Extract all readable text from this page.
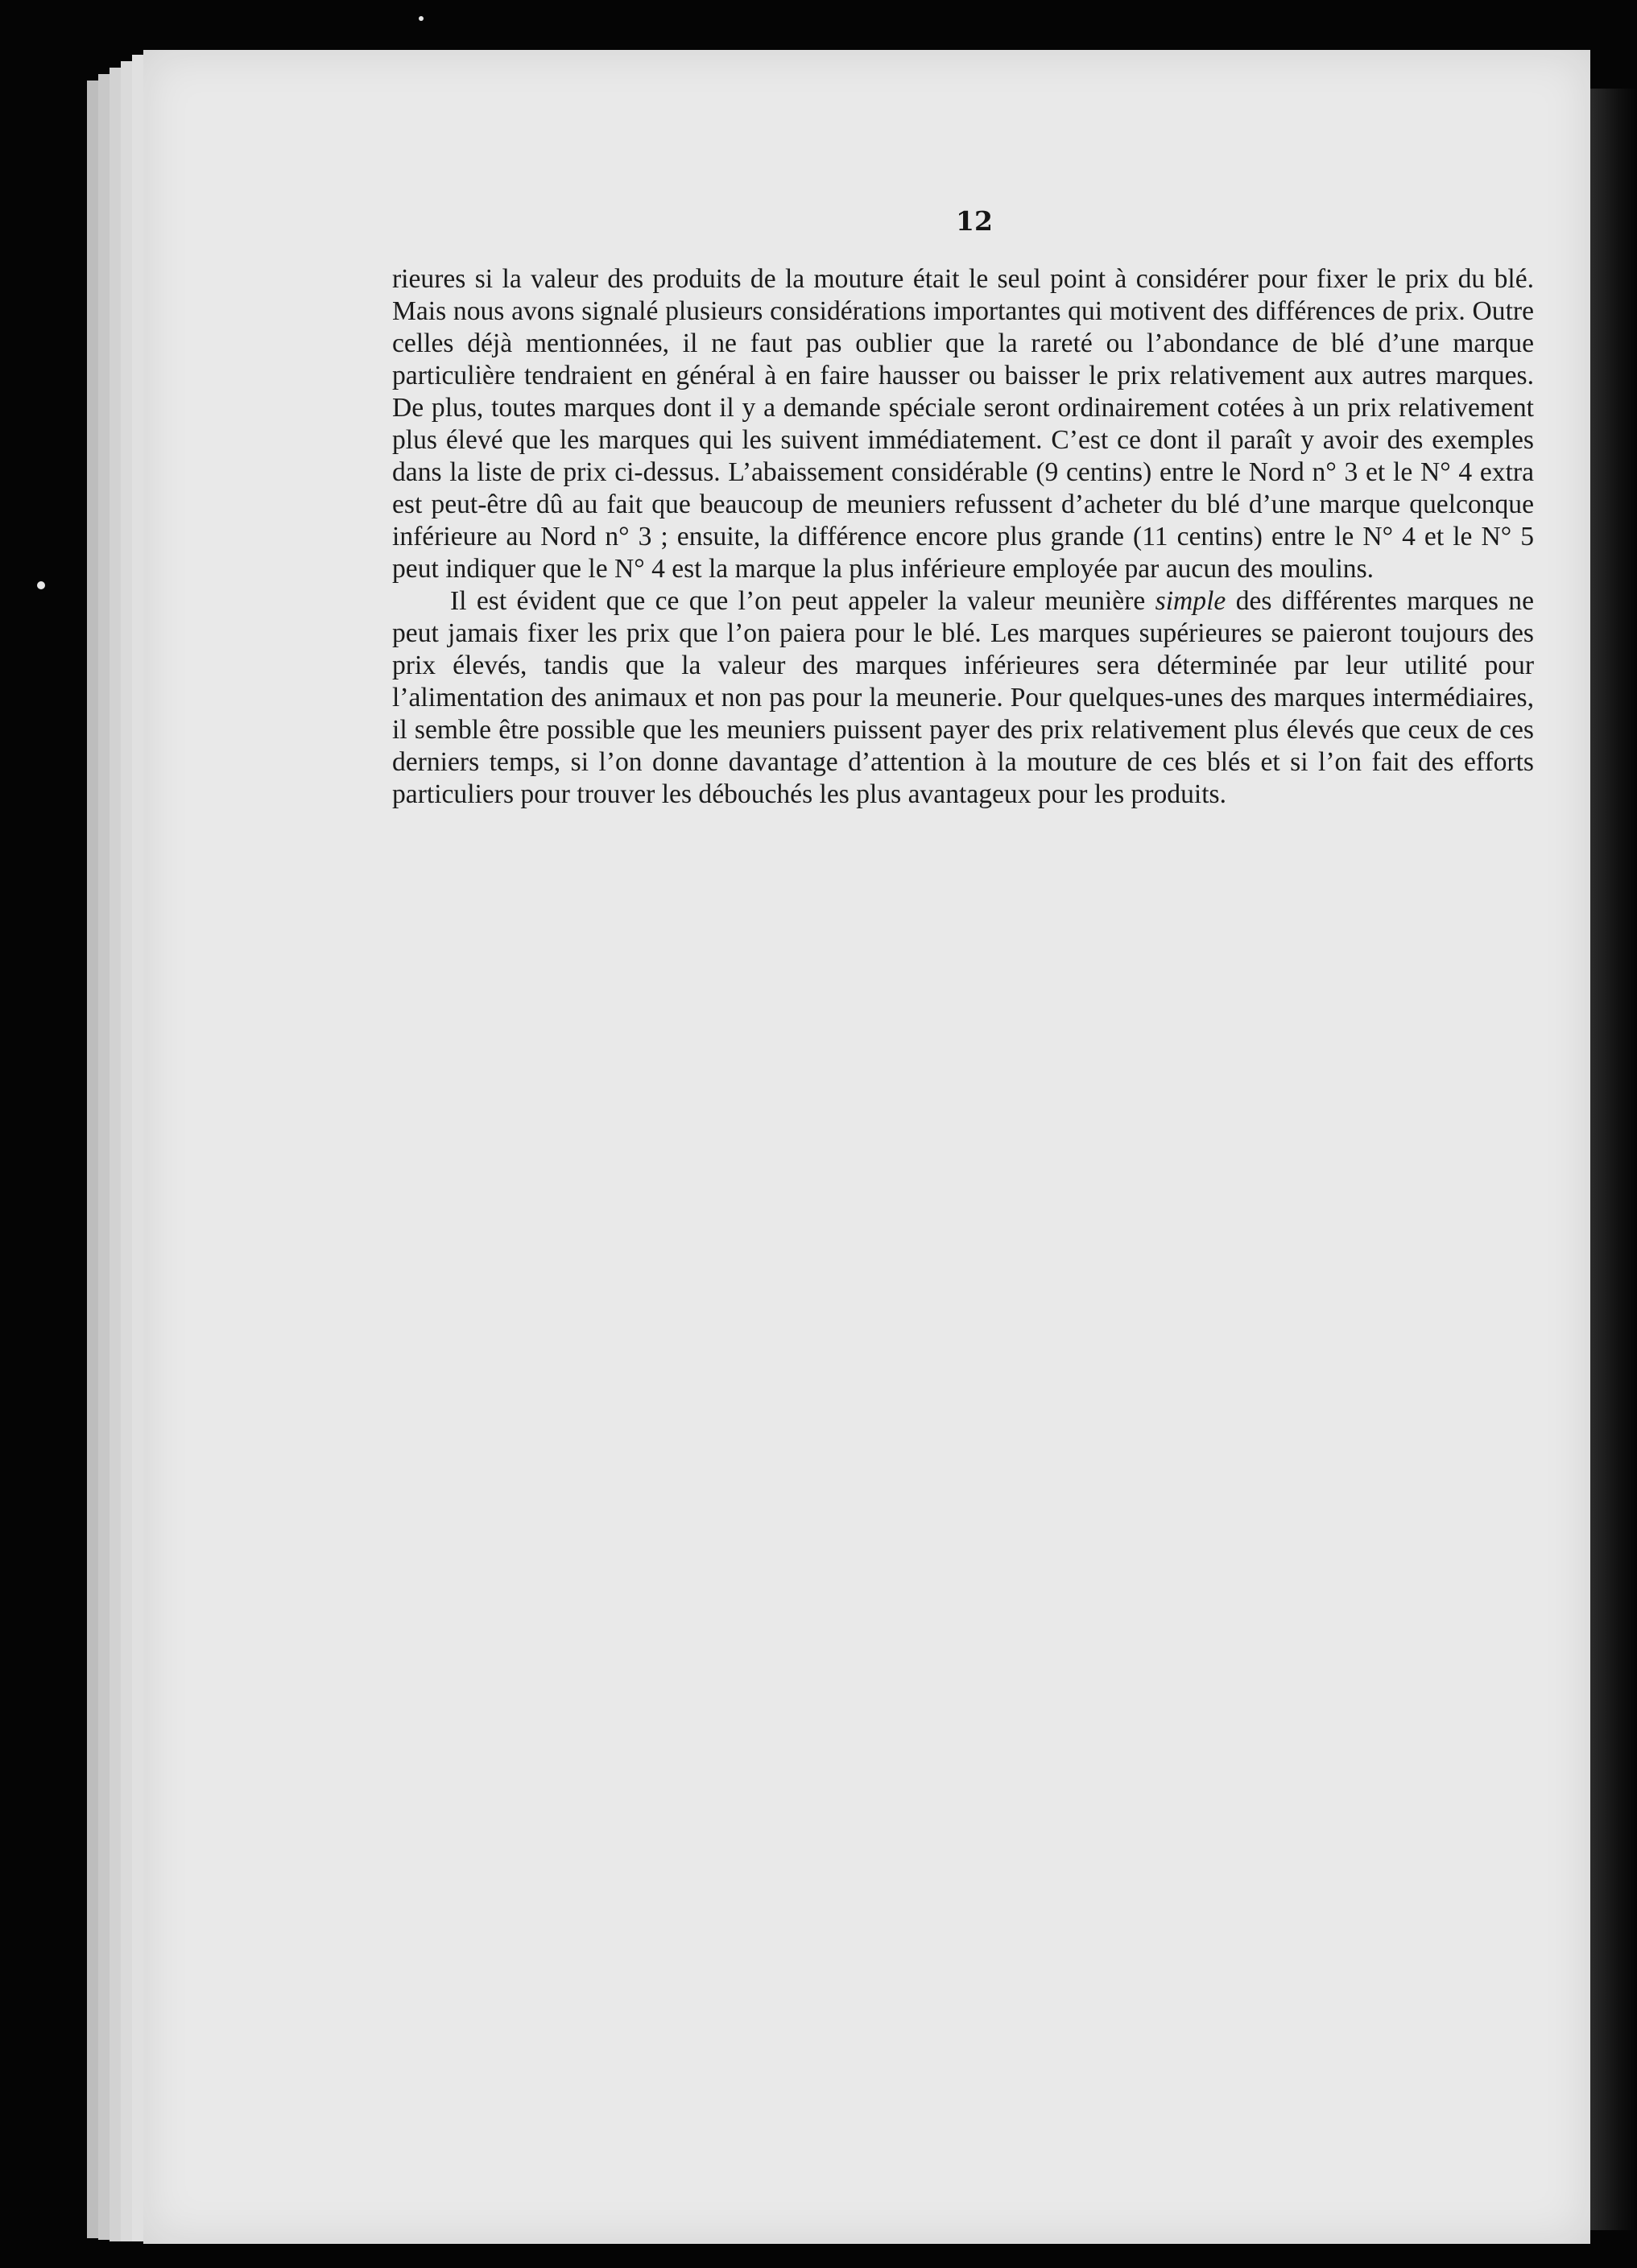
12

rieures si la valeur des produits de la mouture était le seul point à considérer pour fixer le prix du blé. Mais nous avons signalé plusieurs considérations importantes qui motivent des différences de prix. Outre celles déjà mentionnées, il ne faut pas oublier que la rareté ou l’abondance de blé d’une marque particulière tendraient en général à en faire hausser ou baisser le prix relativement aux autres marques. De plus, toutes marques dont il y a demande spéciale seront ordinairement cotées à un prix relativement plus élevé que les marques qui les suivent immédiatement. C’est ce dont il paraît y avoir des exemples dans la liste de prix ci-dessus. L’abaissement considérable (9 centins) entre le Nord n° 3 et le N° 4 extra est peut-être dû au fait que beaucoup de meuniers refussent d’acheter du blé d’une marque quelconque inférieure au Nord n° 3 ; ensuite, la différence encore plus grande (11 centins) entre le N° 4 et le N° 5 peut indiquer que le N° 4 est la marque la plus inférieure employée par aucun des moulins.

Il est évident que ce que l’on peut appeler la valeur meunière simple des différentes marques ne peut jamais fixer les prix que l’on paiera pour le blé. Les marques supérieures se paieront toujours des prix élevés, tandis que la valeur des marques inférieures sera déterminée par leur utilité pour l’alimentation des animaux et non pas pour la meunerie. Pour quelques-unes des marques intermédiaires, il semble être possible que les meuniers puissent payer des prix relativement plus élevés que ceux de ces derniers temps, si l’on donne davantage d’attention à la mouture de ces blés et si l’on fait des efforts particuliers pour trouver les débouchés les plus avantageux pour les produits.
